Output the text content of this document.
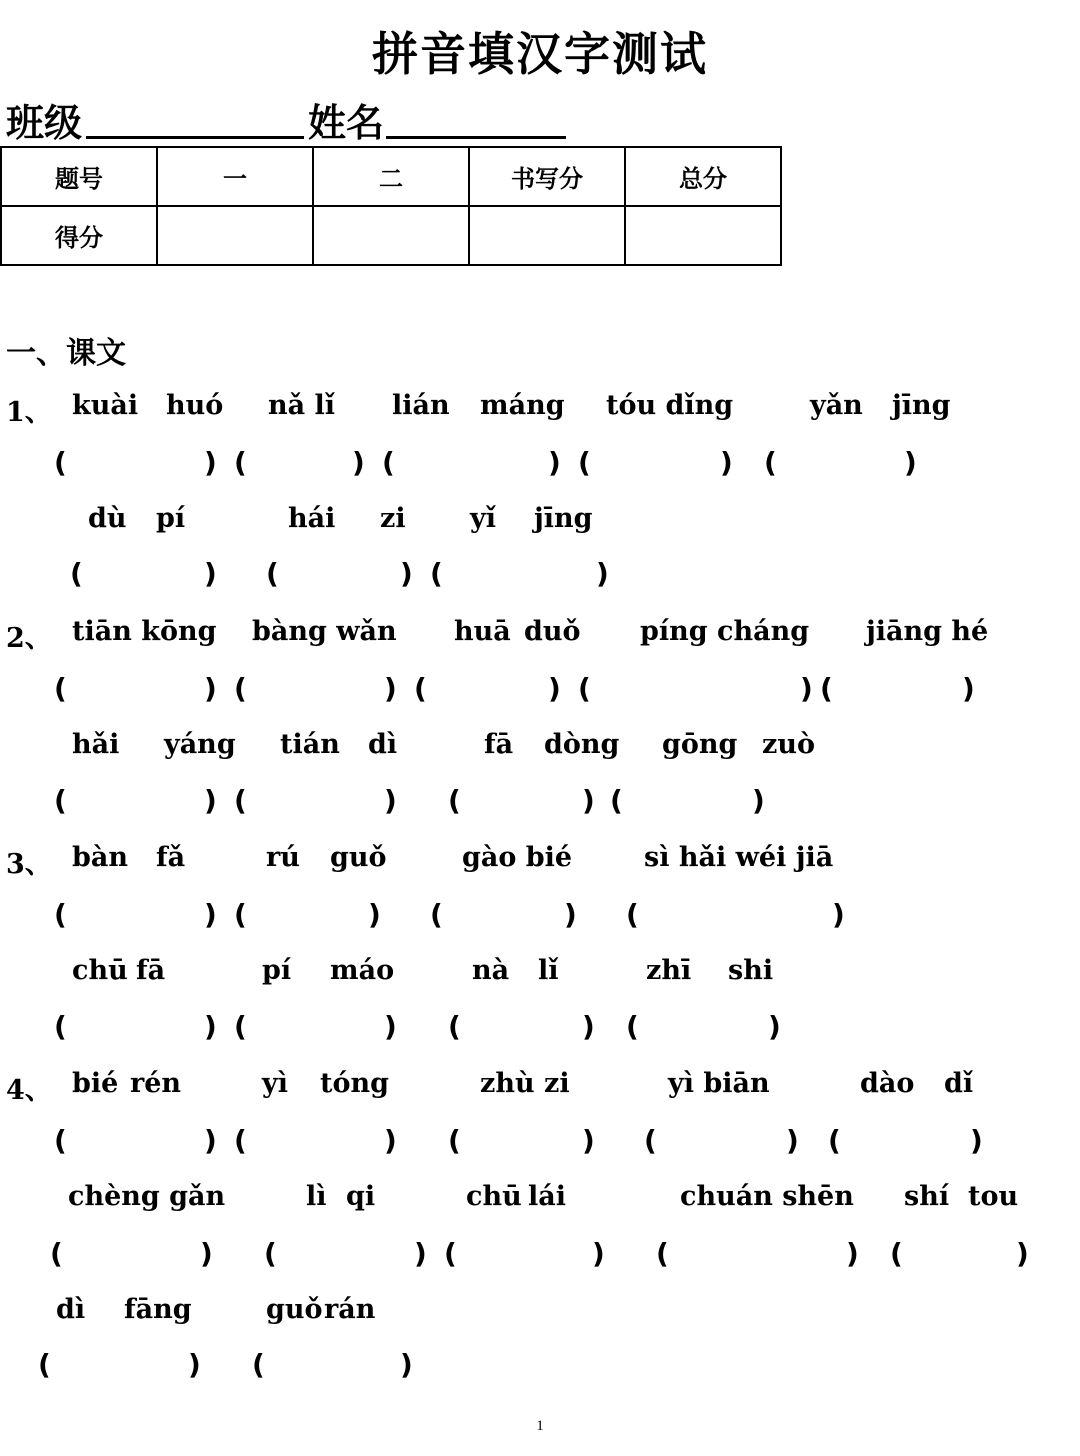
拼音填汉字测试
班级	姓名
题号	一	二	书写分	总分
得分				
一、课文
1、 kuài huó nǎ lǐ lián máng tóu dǐng	yǎn jīng
(	) (	) (	) (	) (	)
dù pí	hái zi yǐ jīng
(	) (	) (	)
2、 tiān kōng bàng wǎn huā duǒ píng cháng jiāng hé
(	) (	) (	) (	) (	)
hǎi yáng tián dì	fā dòng gōng zuò
(	) (	) (	) (	)
3、 bàn fǎ	rú guǒ	gào bié	sì hǎi wéi jiā
(	) (	) (	) (	)
chū fā	pí máo	nà lǐ	zhī shi
(	) (	) (	) (	)
4、 bié rén	yì tóng	zhù zi	yì biān	dào dǐ
(	) (	) (	) (	) (	)
chèng gǎn	lì qi	chū lái	chuán shēn shí tou
(	) (	) (	) (	) (	)
dì fāng	guǒ rán
(	) (	)
1
